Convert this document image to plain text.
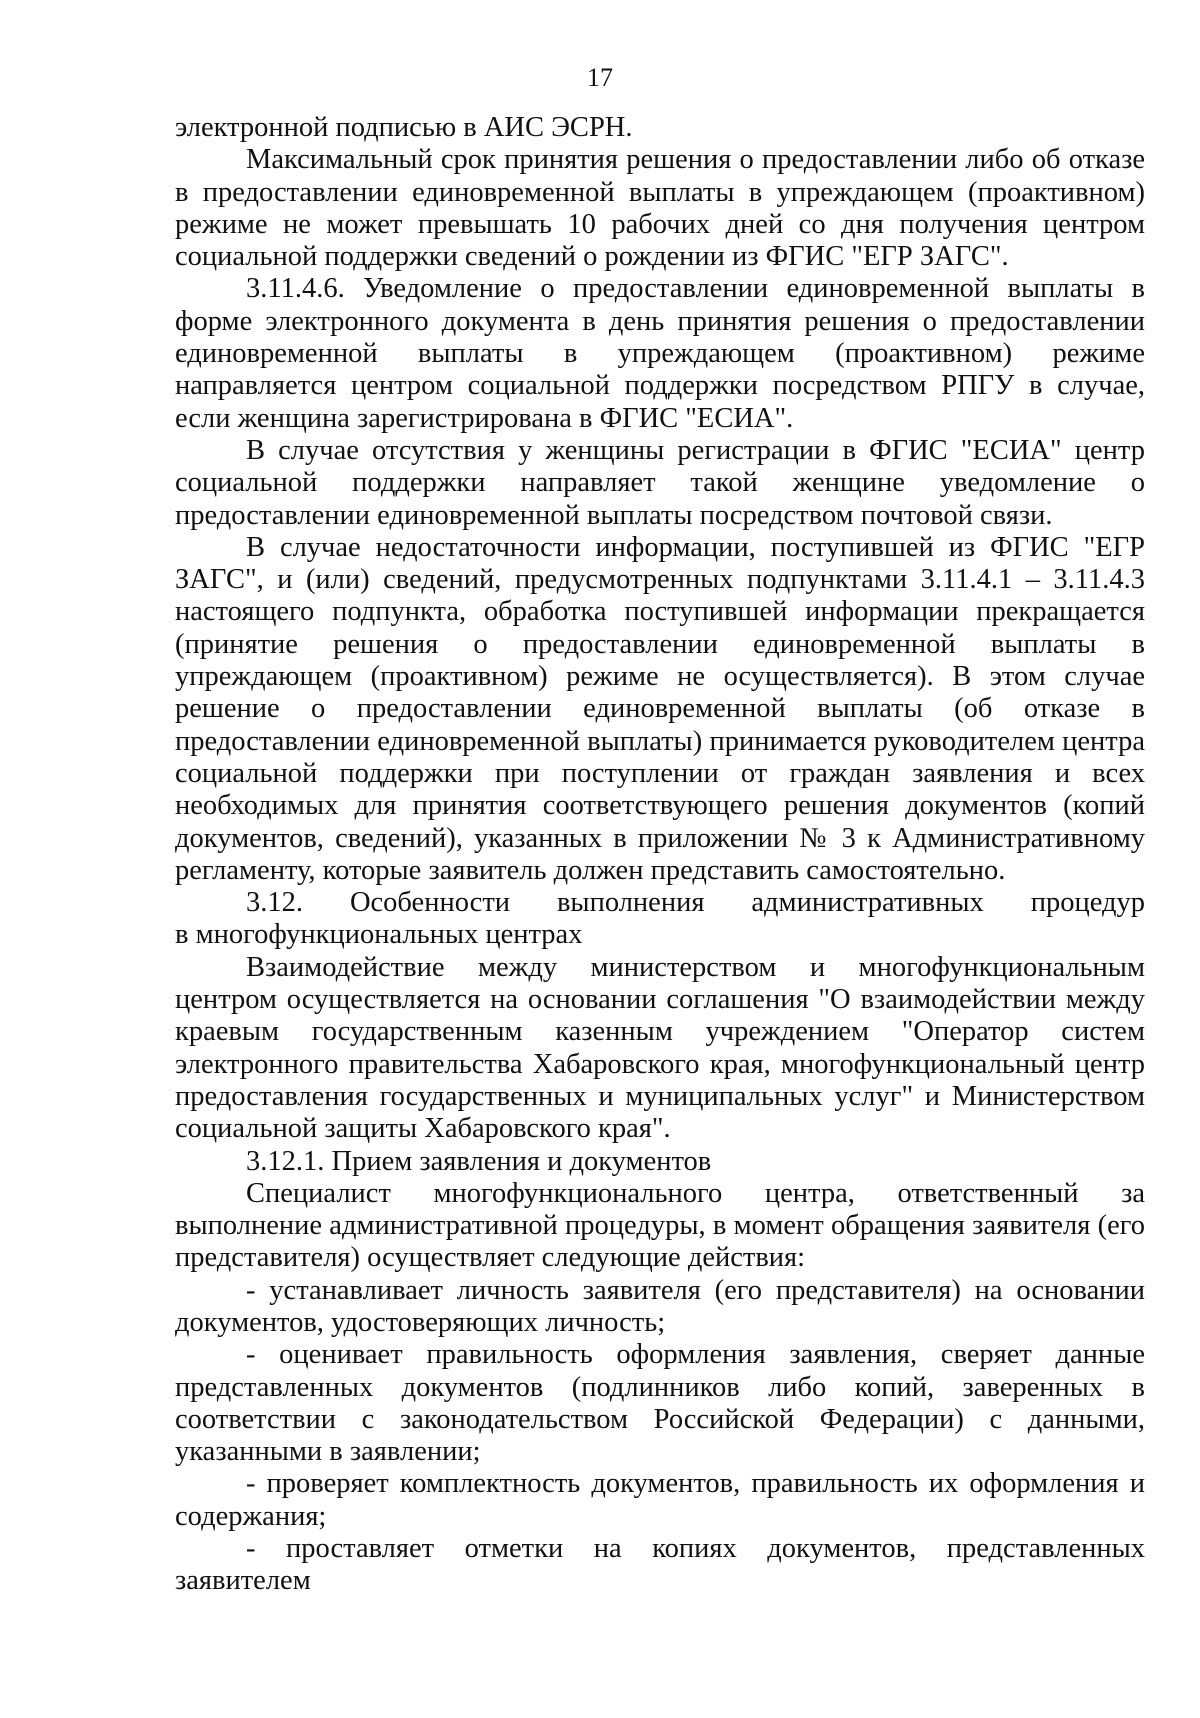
17

электронной подписью в АИС ЭСРН.

Максимальный срок принятия решения о предоставлении либо об отказе в предоставлении единовременной выплаты в упреждающем (проактивном) режиме не может превышать 10 рабочих дней со дня получения центром социальной поддержки сведений о рождении из ФГИС "ЕГР ЗАГС".

3.11.4.6. Уведомление о предоставлении единовременной выплаты в форме электронного документа в день принятия решения о предоставлении единовременной выплаты в упреждающем (проактивном) режиме направляется центром социальной поддержки посредством РПГУ в случае, если женщина зарегистрирована в ФГИС "ЕСИА".

В случае отсутствия у женщины регистрации в ФГИС "ЕСИА" центр социальной поддержки направляет такой женщине уведомление о предоставлении единовременной выплаты посредством почтовой связи.

В случае недостаточности информации, поступившей из ФГИС "ЕГР ЗАГС", и (или) сведений, предусмотренных подпунктами 3.11.4.1 – 3.11.4.3 настоящего подпункта, обработка поступившей информации прекращается (принятие решения о предоставлении единовременной выплаты в упреждающем (проактивном) режиме не осуществляется). В этом случае решение о предоставлении единовременной выплаты (об отказе в предоставлении единовременной выплаты) принимается руководителем центра социальной поддержки при поступлении от граждан заявления и всех необходимых для принятия соответствующего решения документов (копий документов, сведений), указанных в приложении № 3 к Административному регламенту, которые заявитель должен представить самостоятельно.

3.12. Особенности выполнения административных процедур

в многофункциональных центрах

Взаимодействие между министерством и многофункциональным центром осуществляется на основании соглашения "О взаимодействии между краевым государственным казенным учреждением "Оператор систем электронного правительства Хабаровского края, многофункциональный центр предоставления государственных и муниципальных услуг" и Министерством социальной защиты Хабаровского края".

3.12.1. Прием заявления и документов

Специалист многофункционального центра, ответственный за выполнение административной процедуры, в момент обращения заявителя (его представителя) осуществляет следующие действия:

- устанавливает личность заявителя (его представителя) на основании документов, удостоверяющих личность;

- оценивает правильность оформления заявления, сверяет данные представленных документов (подлинников либо копий, заверенных в соответствии с законодательством Российской Федерации) с данными, указанными в заявлении;

- проверяет комплектность документов, правильность их оформления и содержания;

- проставляет отметки на копиях документов, представленных заявителем
